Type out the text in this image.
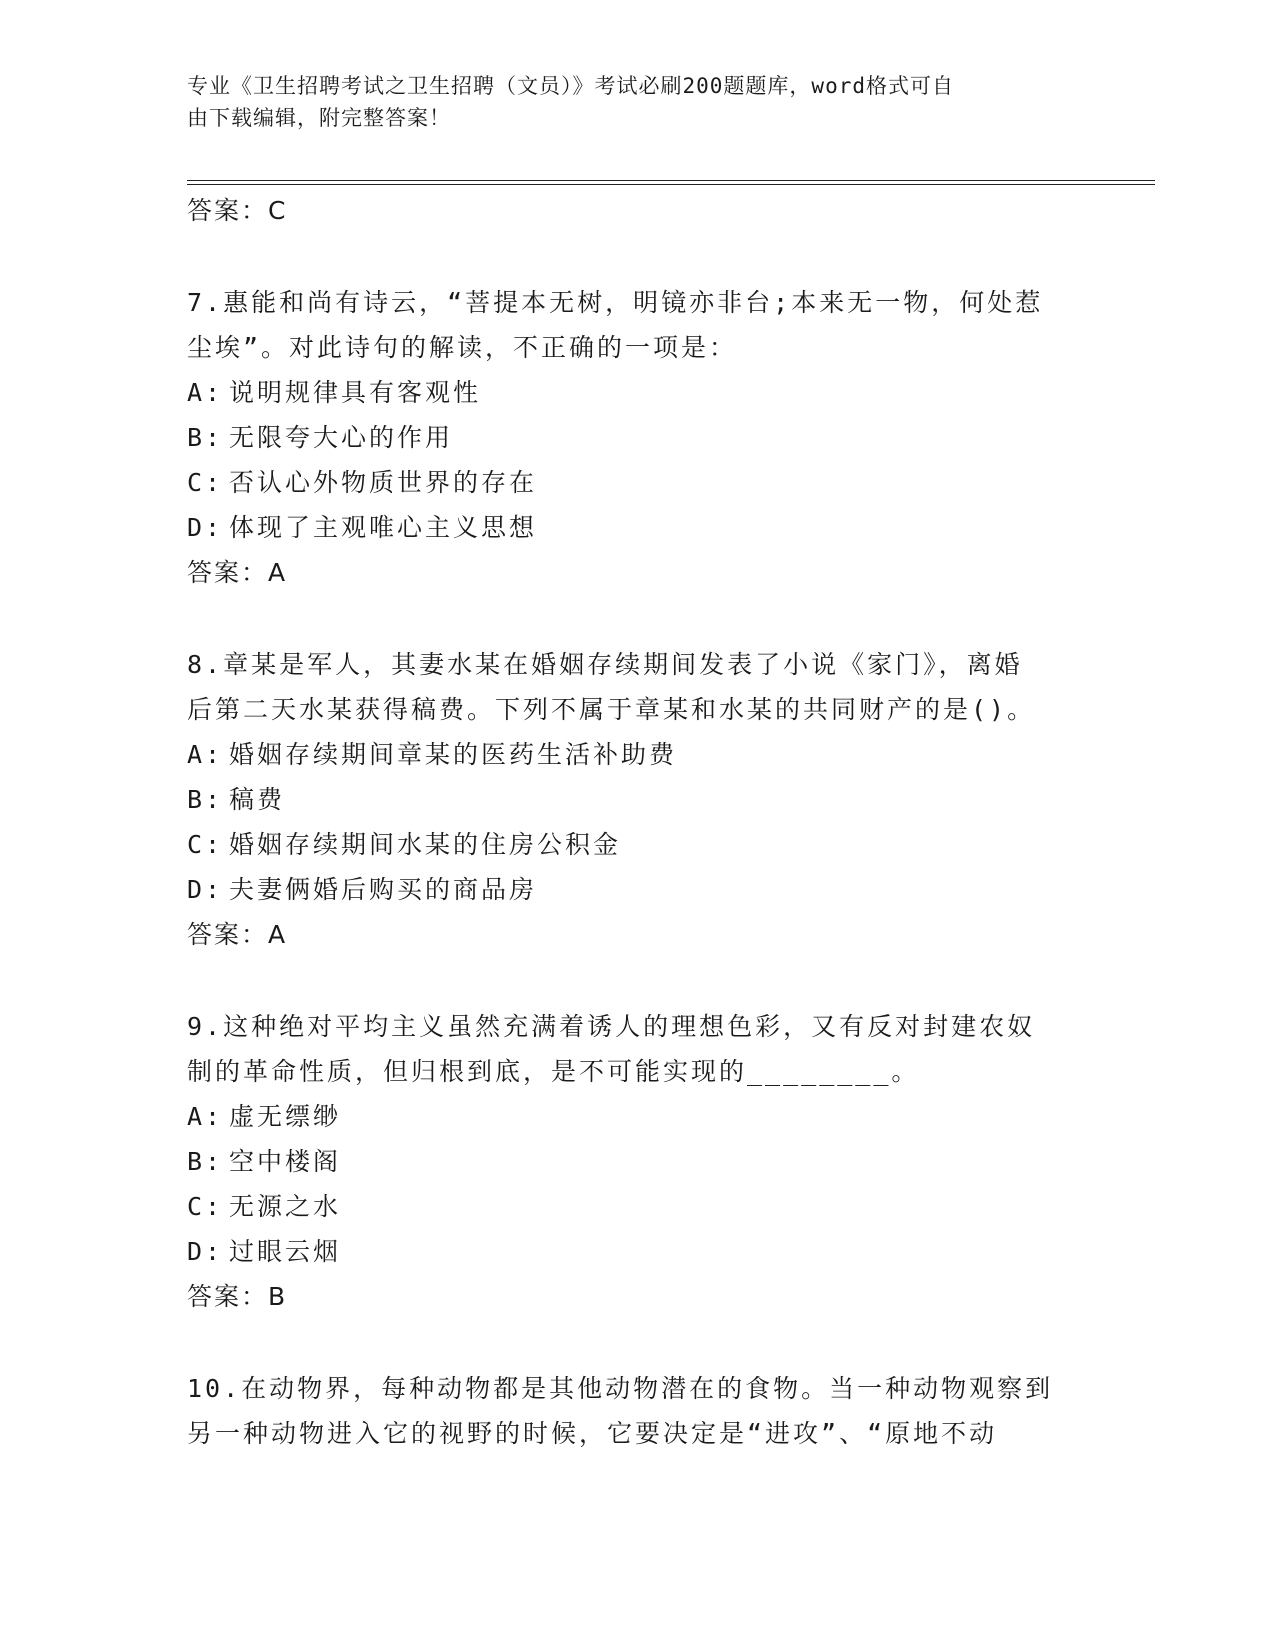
专业《卫生招聘考试之卫生招聘（文员）》考试必刷200题题库，word格式可自
由下载编辑，附完整答案！
答案：C
7.惠能和尚有诗云，“菩提本无树，明镜亦非台;本来无一物，何处惹
尘埃”。对此诗句的解读，不正确的一项是：
A: 说明规律具有客观性
B: 无限夸大心的作用
C: 否认心外物质世界的存在
D: 体现了主观唯心主义思想
答案：A
8.章某是军人，其妻水某在婚姻存续期间发表了小说《家门》，离婚
后第二天水某获得稿费。下列不属于章某和水某的共同财产的是()。
A: 婚姻存续期间章某的医药生活补助费
B: 稿费
C: 婚姻存续期间水某的住房公积金
D: 夫妻俩婚后购买的商品房
答案：A
9.这种绝对平均主义虽然充满着诱人的理想色彩，又有反对封建农奴
制的革命性质，但归根到底，是不可能实现的________。
A: 虚无缥缈
B: 空中楼阁
C: 无源之水
D: 过眼云烟
答案：B
10.在动物界，每种动物都是其他动物潜在的食物。当一种动物观察到
另一种动物进入它的视野的时候，它要决定是“进攻”、“原地不动
